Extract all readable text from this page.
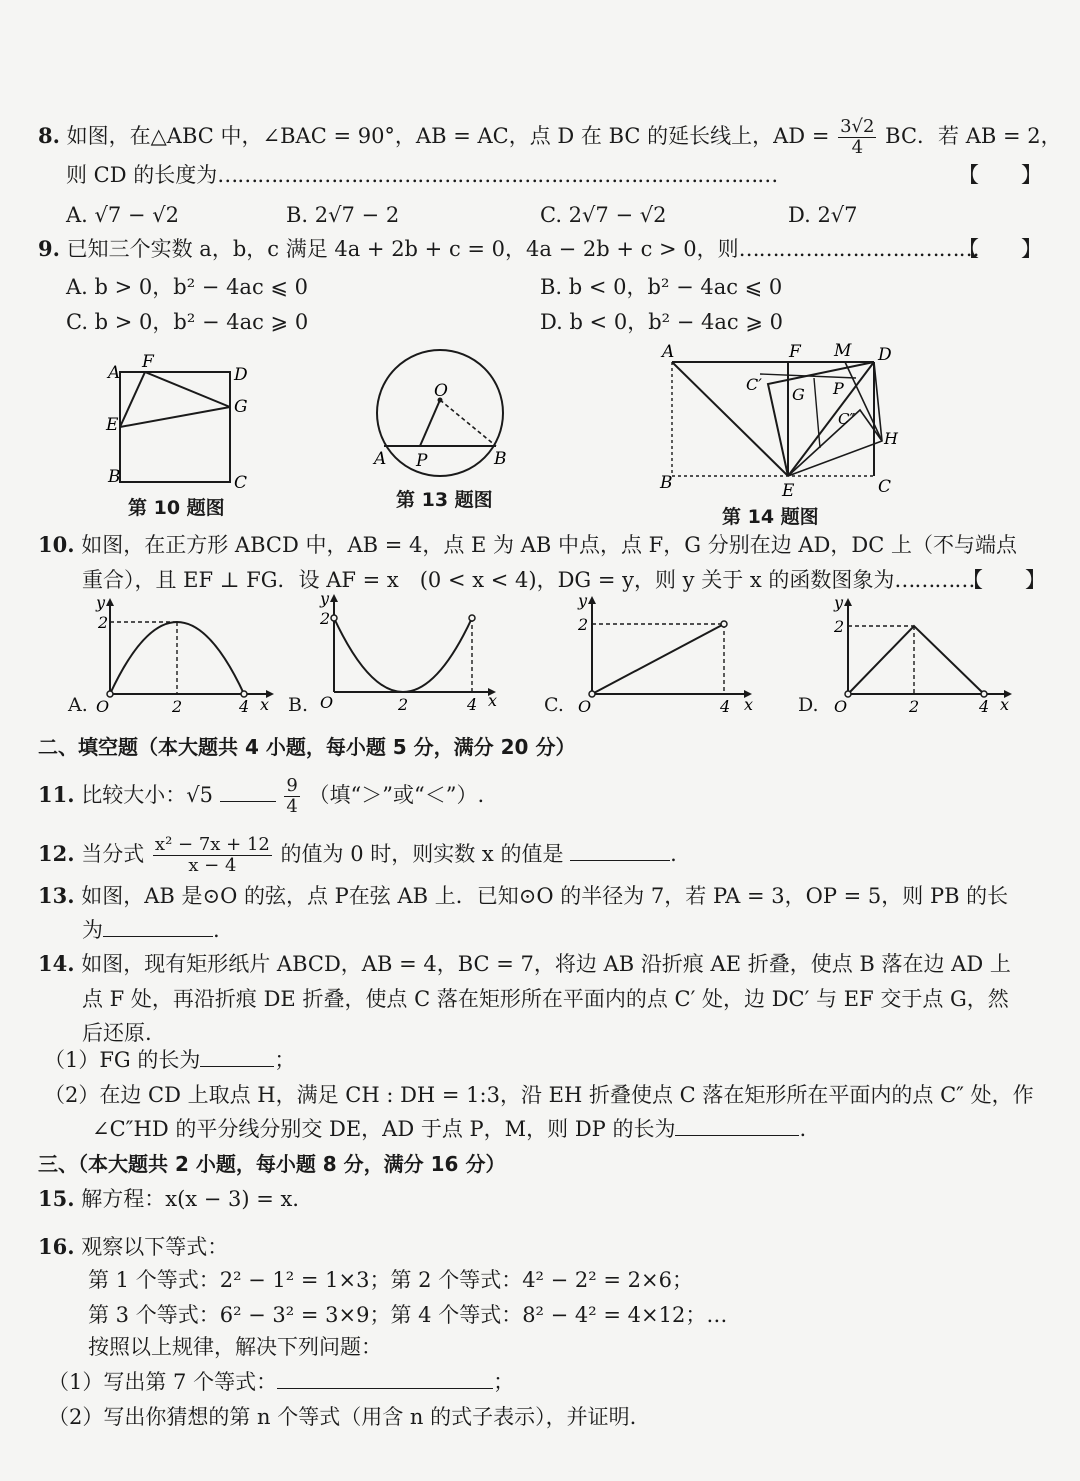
8. 如图，在△ABC 中，∠BAC = 90°，AB = AC，点 D 在 BC 的延长线上，AD = $\frac{3√2}{4}$ BC．若 AB = 2，
则 CD 的长度为…………………………………………………………………………	【　　】
A. √7 − √2	B. 2√7 − 2	C. 2√7 − √2	D. 2√7
9. 已知三个实数 a，b，c 满足 4a + 2b + c = 0，4a − 2b + c > 0，则………………………………
【　　】
A. b > 0，b² − 4ac ⩽ 0	B. b < 0，b² − 4ac ⩽ 0
C. b > 0，b² − 4ac ⩾ 0	D. b < 0，b² − 4ac ⩾ 0
A
F
D
E
G
B	C
第 10 题图
O
A P	B
第 13 题图
A	F M D
C′
G P
C″
H
B	E	C
第 14 题图
10. 如图，在正方形 ABCD 中，AB = 4，点 E 为 AB 中点，点 F，G 分别在边 AD，DC 上（不与端点
重合），且 EF ⊥ FG．设 AF = x　(0 < x < 4)，DG = y，则 y 关于 x 的函数图象为…………
【　　】
y
2
O	2	4 x
A.
y
2
O	2	4 x
B.
y
2
O	4 x
C.
y
2
O	2	4 x
D.
二、填空题（本大题共 4 小题，每小题 5 分，满分 20 分）
11. 比较大小：√5	$\frac{9}{4}$ （填“＞”或“＜”）.
12. 当分式 $\frac{\text{x² − 7x + 12}}{x - 4}$ 的值为 0 时，则实数 x 的值是	.
13. 如图，AB 是⊙O 的弦，点 P在弦 AB 上．已知⊙O 的半径为 7，若 PA = 3，OP = 5，则 PB 的长
为	.
14. 如图，现有矩形纸片 ABCD，AB = 4，BC = 7，将边 AB 沿折痕 AE 折叠，使点 B 落在边 AD 上
点 F 处，再沿折痕 DE 折叠，使点 C 落在矩形所在平面内的点 C′ 处，边 DC′ 与 EF 交于点 G，然
后还原.
（1）FG 的长为	；
（2）在边 CD 上取点 H，满足 CH : DH = 1:3，沿 EH 折叠使点 C 落在矩形所在平面内的点 C″ 处，作
∠C″HD 的平分线分别交 DE，AD 于点 P，M，则 DP 的长为	.
三、（本大题共 2 小题，每小题 8 分，满分 16 分）
15. 解方程：x(x − 3) = x．
16. 观察以下等式：
第 1 个等式：2² − 1² = 1×3；第 2 个等式：4² − 2² = 2×6；
第 3 个等式：6² − 3² = 3×9；第 4 个等式：8² − 4² = 4×12；…
按照以上规律，解决下列问题：
（1）写出第 7 个等式：	；
（2）写出你猜想的第 n 个等式（用含 n 的式子表示），并证明.
